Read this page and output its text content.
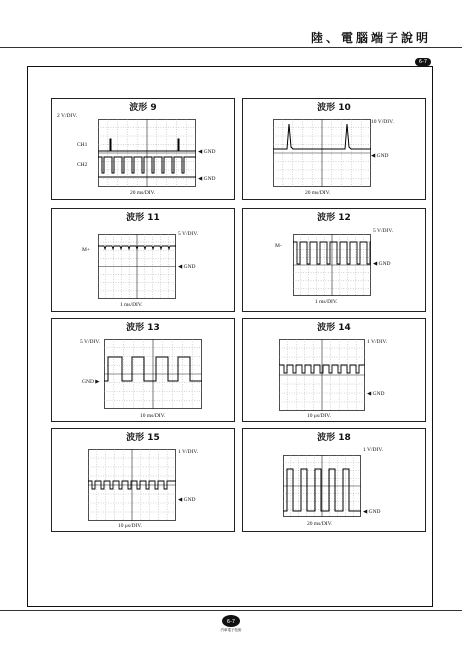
陸、電腦端子說明
6-7
波形 9
2 V/DIV.
CH1
CH2
◀ GND
◀ GND
20 ms/DIV.
波形 10
10 V/DIV.
◀ GND
20 ms/DIV.
波形 11
5 V/DIV.
M+
◀ GND
1 ms/DIV.
波形 12
5 V/DIV.
M-
◀ GND
1 ms/DIV.
波形 13
5 V/DIV.
GND ▶
10 ms/DIV.
波形 14
1 V/DIV.
◀ GND
10 μs/DIV.
波形 15
1 V/DIV.
◀ GND
10 μs/DIV.
波形 18
1 V/DIV.
◀ GND
20 ms/DIV.
6-7
汽車電子技術
